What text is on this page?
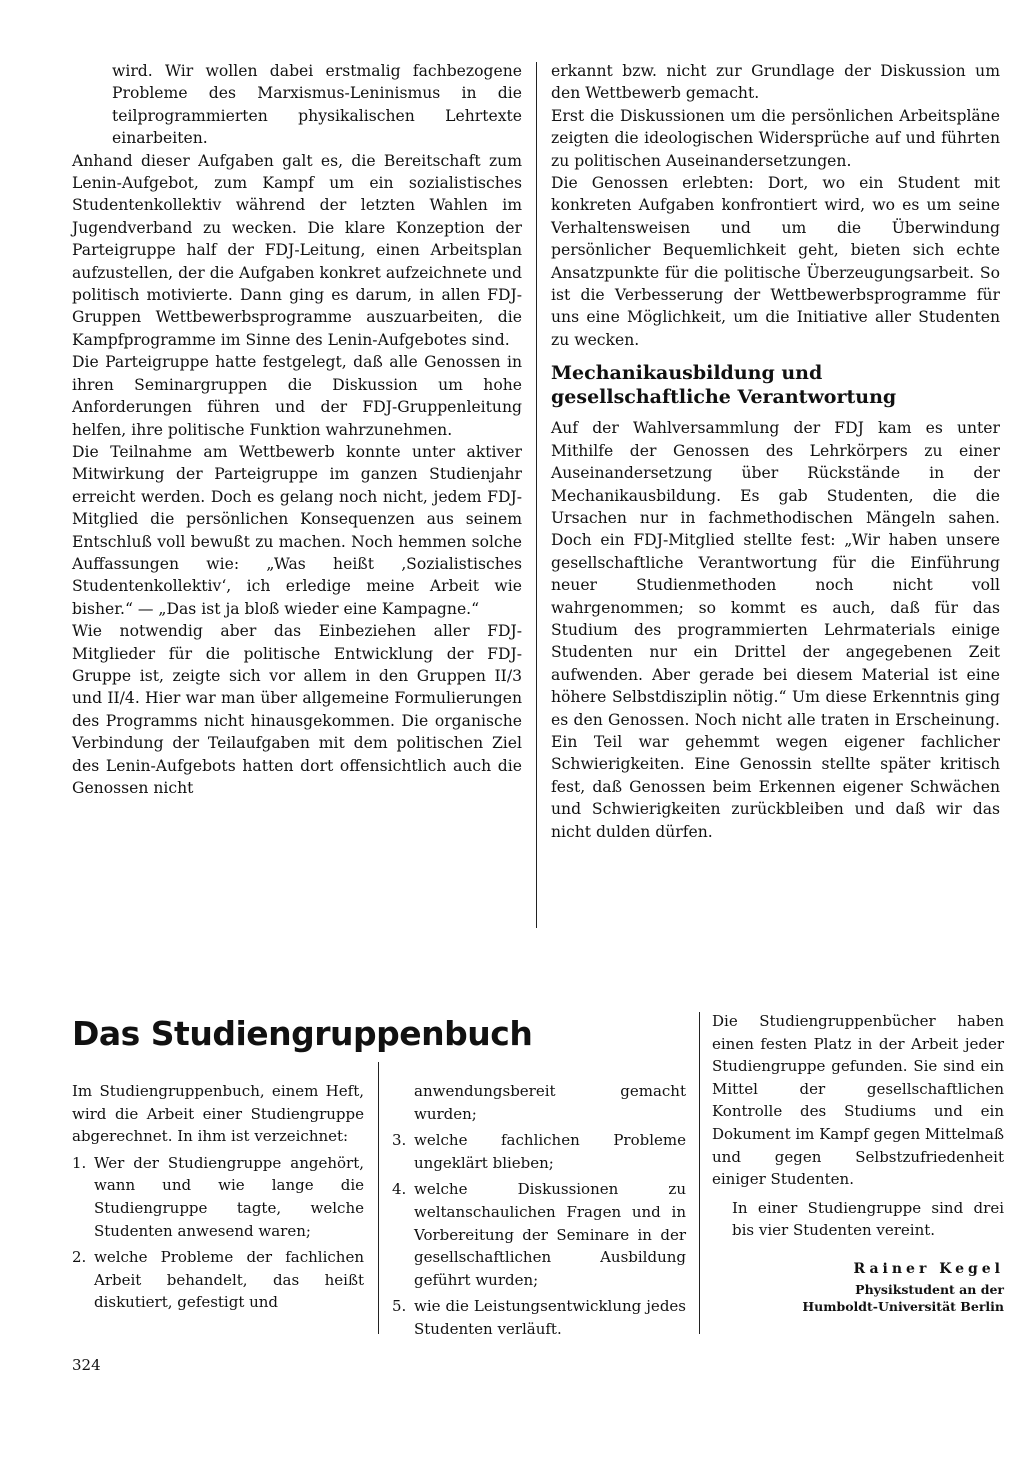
wird. Wir wollen dabei erstmalig fachbezogene Probleme des Marxismus-Leninismus in die teilprogrammierten physikalischen Lehrtexte einarbeiten.

Anhand dieser Aufgaben galt es, die Bereitschaft zum Lenin-Aufgebot, zum Kampf um ein sozialistisches Studentenkollektiv während der letzten Wahlen im Jugendverband zu wecken. Die klare Konzeption der Parteigruppe half der FDJ-Leitung, einen Arbeitsplan aufzustellen, der die Aufgaben konkret aufzeichnete und politisch motivierte. Dann ging es darum, in allen FDJ-Gruppen Wettbewerbsprogramme auszuarbeiten, die Kampfprogramme im Sinne des Lenin-Aufgebotes sind.

Die Parteigruppe hatte festgelegt, daß alle Genossen in ihren Seminargruppen die Diskussion um hohe Anforderungen führen und der FDJ-Gruppenleitung helfen, ihre politische Funktion wahrzunehmen.

Die Teilnahme am Wettbewerb konnte unter aktiver Mitwirkung der Parteigruppe im ganzen Studienjahr erreicht werden. Doch es gelang noch nicht, jedem FDJ-Mitglied die persönlichen Konsequenzen aus seinem Entschluß voll bewußt zu machen. Noch hemmen solche Auffassungen wie: „Was heißt ‚Sozialistisches Studentenkollektiv‘, ich erledige meine Arbeit wie bisher.“ — „Das ist ja bloß wieder eine Kampagne.“

Wie notwendig aber das Einbeziehen aller FDJ-Mitglieder für die politische Entwicklung der FDJ-Gruppe ist, zeigte sich vor allem in den Gruppen II/3 und II/4. Hier war man über allgemeine Formulierungen des Programms nicht hinausgekommen. Die organische Verbindung der Teilaufgaben mit dem politischen Ziel des Lenin-Aufgebots hatten dort offensichtlich auch die Genossen nicht

erkannt bzw. nicht zur Grundlage der Diskussion um den Wettbewerb gemacht.

Erst die Diskussionen um die persönlichen Arbeitspläne zeigten die ideologischen Widersprüche auf und führten zu politischen Auseinandersetzungen.

Die Genossen erlebten: Dort, wo ein Student mit konkreten Aufgaben konfrontiert wird, wo es um seine Verhaltensweisen und um die Überwindung persönlicher Bequemlichkeit geht, bieten sich echte Ansatzpunkte für die politische Überzeugungsarbeit. So ist die Verbesserung der Wettbewerbsprogramme für uns eine Möglichkeit, um die Initiative aller Studenten zu wecken.

Mechanikausbildung und
gesellschaftliche Verantwortung

Auf der Wahlversammlung der FDJ kam es unter Mithilfe der Genossen des Lehrkörpers zu einer Auseinandersetzung über Rückstände in der Mechanikausbildung. Es gab Studenten, die die Ursachen nur in fachmethodischen Mängeln sahen. Doch ein FDJ-Mitglied stellte fest: „Wir haben unsere gesellschaftliche Verantwortung für die Einführung neuer Studienmethoden noch nicht voll wahrgenommen; so kommt es auch, daß für das Studium des programmierten Lehrmaterials einige Studenten nur ein Drittel der angegebenen Zeit aufwenden. Aber gerade bei diesem Material ist eine höhere Selbstdisziplin nötig.“ Um diese Erkenntnis ging es den Genossen. Noch nicht alle traten in Erscheinung. Ein Teil war gehemmt wegen eigener fachlicher Schwierigkeiten. Eine Genossin stellte später kritisch fest, daß Genossen beim Erkennen eigener Schwächen und Schwierigkeiten zurückbleiben und daß wir das nicht dulden dürfen.

Das Studiengruppenbuch

Im Studiengruppenbuch, einem Heft, wird die Arbeit einer Studiengruppe abgerechnet. In ihm ist verzeichnet:

1. Wer der Studiengruppe angehört, wann und wie lange die Studiengruppe tagte, welche Studenten anwesend waren;
2. welche Probleme der fachlichen Arbeit behandelt, das heißt diskutiert, gefestigt und

anwendungsbereit gemacht wurden;

3. welche fachlichen Probleme ungeklärt blieben;
4. welche Diskussionen zu weltanschaulichen Fragen und in Vorbereitung der Seminare in der gesellschaftlichen Ausbildung geführt wurden;
5. wie die Leistungsentwicklung jedes Studenten verläuft.

Die Studiengruppenbücher haben einen festen Platz in der Arbeit jeder Studiengruppe gefunden. Sie sind ein Mittel der gesellschaftlichen Kontrolle des Studiums und ein Dokument im Kampf gegen Mittelmaß und gegen Selbstzufriedenheit einiger Studenten.

In einer Studiengruppe sind drei bis vier Studenten vereint.

Rainer Kegel
Physikstudent an der
Humboldt-Universität Berlin
324
